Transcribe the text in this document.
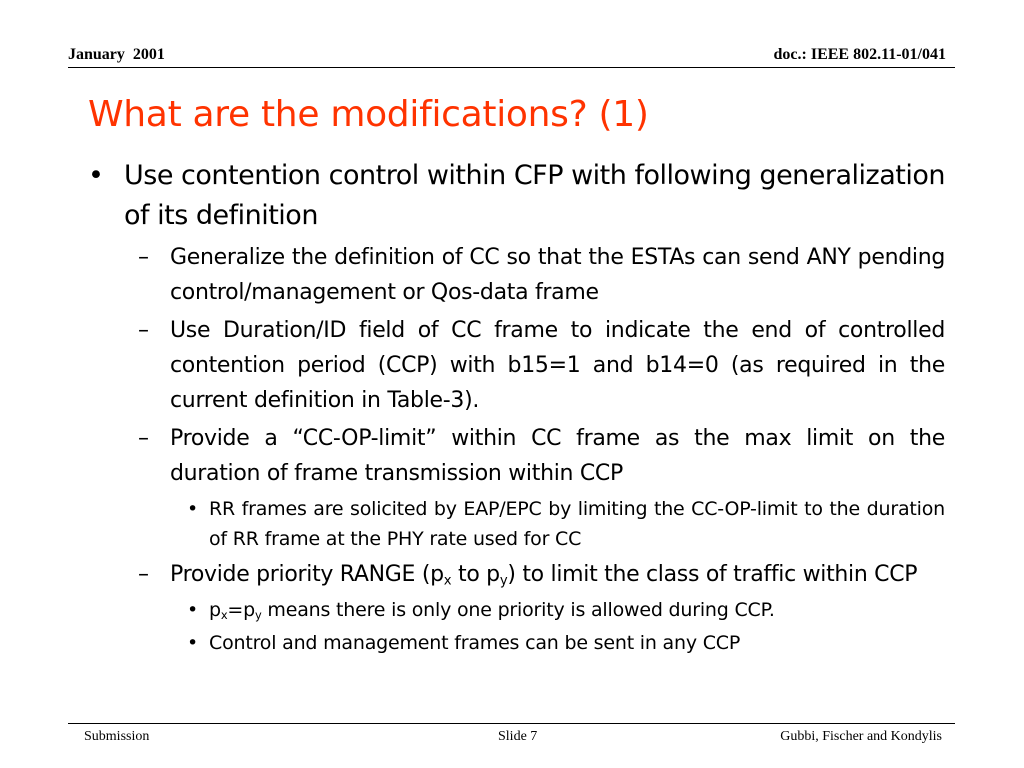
January  2001	doc.: IEEE 802.11-01/041
What are the modifications? (1)
• Use contention control within CFP with following generalization of its definition
– Generalize the definition of CC so that the ESTAs can send ANY pending control/management or Qos-data frame
– Use Duration/ID field of CC frame to indicate the end of controlled contention period (CCP) with b15=1 and b14=0 (as required in the current definition in Table-3).
– Provide a “CC-OP-limit” within CC frame as the max limit on the duration of frame transmission within CCP
• RR frames are solicited by EAP/EPC by limiting the CC-OP-limit to the duration of RR frame at the PHY rate used for CC
– Provide priority RANGE ($p_x$ to $p_y$) to limit the class of traffic within CCP
• $p_x=p_y$ means there is only one priority is allowed during CCP.
• Control and management frames can be sent in any CCP
Submission	Slide 7	Gubbi, Fischer and Kondylis
